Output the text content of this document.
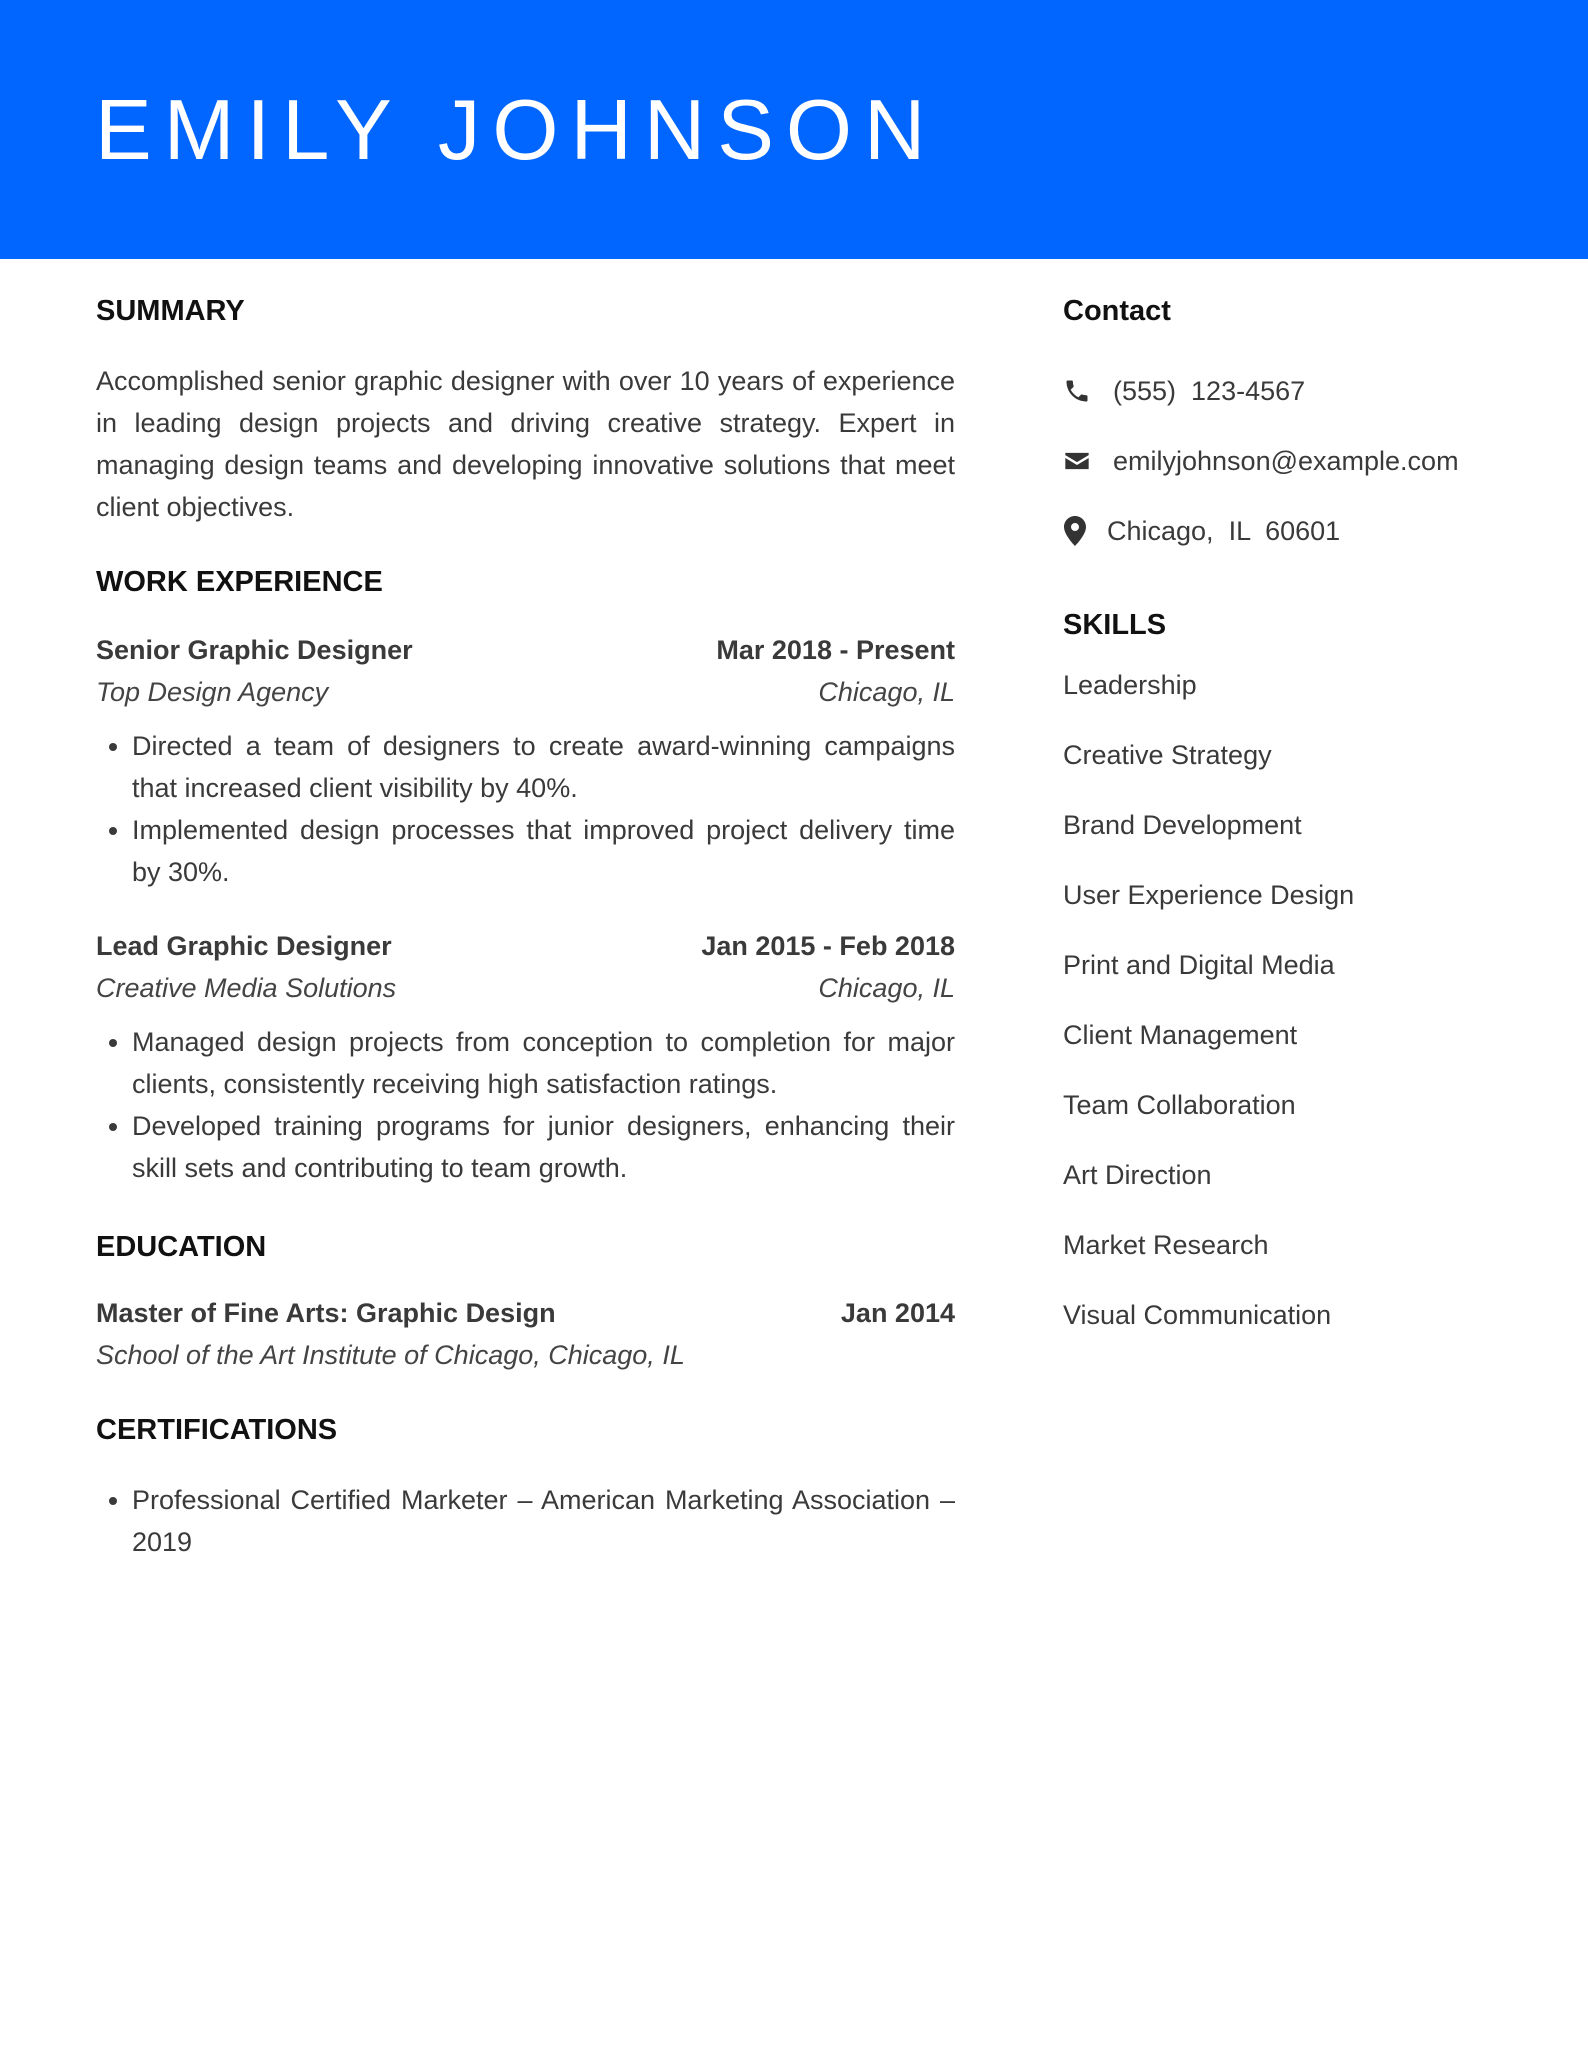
EMILY JOHNSON
SUMMARY

Accomplished senior graphic designer with over 10 years of experience in leading design projects and driving creative strategy. Expert in managing design teams and developing innovative solutions that meet client objectives.

WORK EXPERIENCE
Senior Graphic Designer	Mar 2018 - Present
Top Design Agency	Chicago, IL
• Directed a team of designers to create award-winning campaigns that increased client visibility by 40%.
• Implemented design processes that improved project delivery time by 30%.
Lead Graphic Designer	Jan 2015 - Feb 2018
Creative Media Solutions	Chicago, IL
• Managed design projects from conception to completion for major clients, consistently receiving high satisfaction ratings.
• Developed training programs for junior designers, enhancing their skill sets and contributing to team growth.
EDUCATION
Master of Fine Arts: Graphic Design	Jan 2014
School of the Art Institute of Chicago, Chicago, IL
CERTIFICATIONS
• Professional Certified Marketer – American Marketing Association – 2019
Contact
(555)  123-4567
emilyjohnson@example.com
Chicago,  IL  60601
SKILLS
Leadership
Creative Strategy
Brand Development
User Experience Design
Print and Digital Media
Client Management
Team Collaboration
Art Direction
Market Research
Visual Communication
